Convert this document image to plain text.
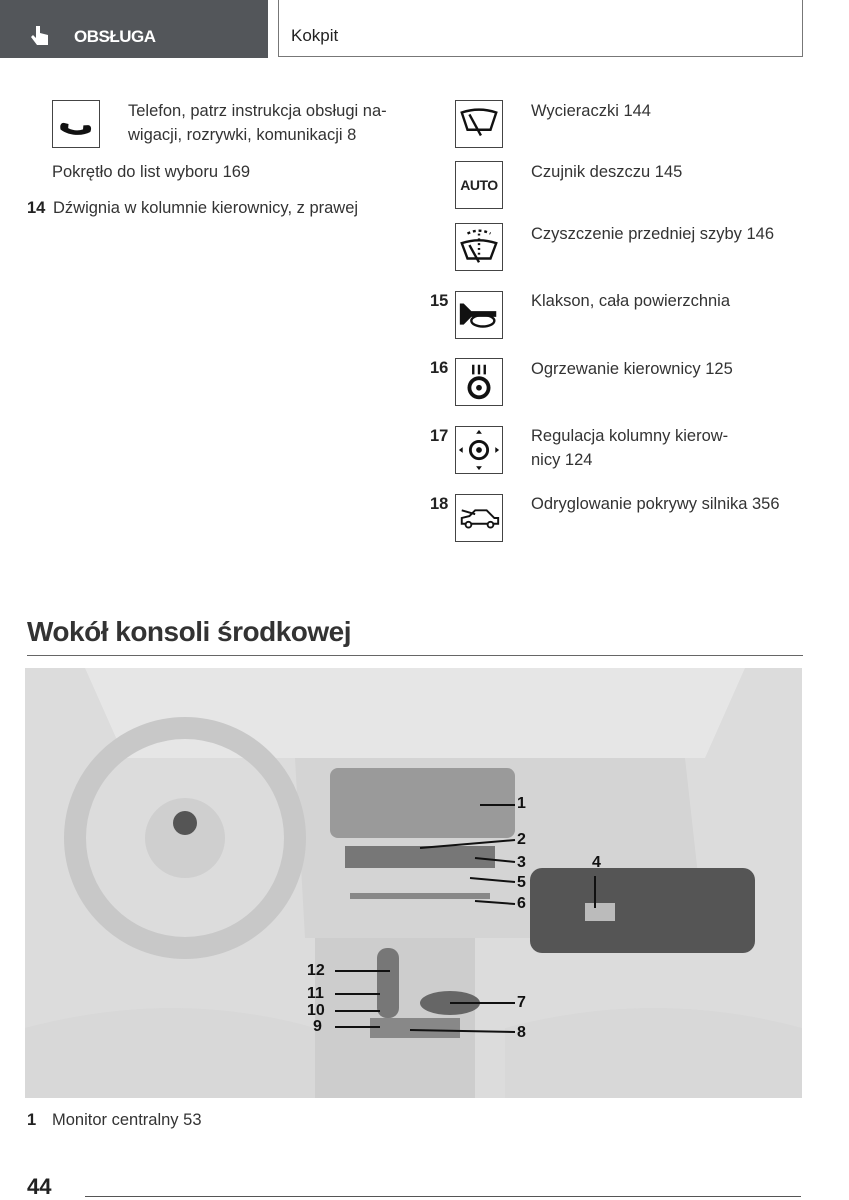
OBSŁUGA	Kokpit
Telefon, patrz instrukcja obsługi na-
wigacji, rozrywki, komunikacji 8
Pokrętło do list wyboru 169
14 Dźwignia w kolumnie kierownicy, z prawej
Wycieraczki 144
AUTO
Czujnik deszczu 145
Czyszczenie przedniej szyby 146
15	Klakson, cała powierzchnia
16	Ogrzewanie kierownicy 125
17	Regulacja kolumny kierow-
nicy 124
18	Odryglowanie pokrywy silnika 356
Wokół konsoli środkowej
1
2
3	4
5
6
7
8
9
10
11
12
1 Monitor centralny 53
44
